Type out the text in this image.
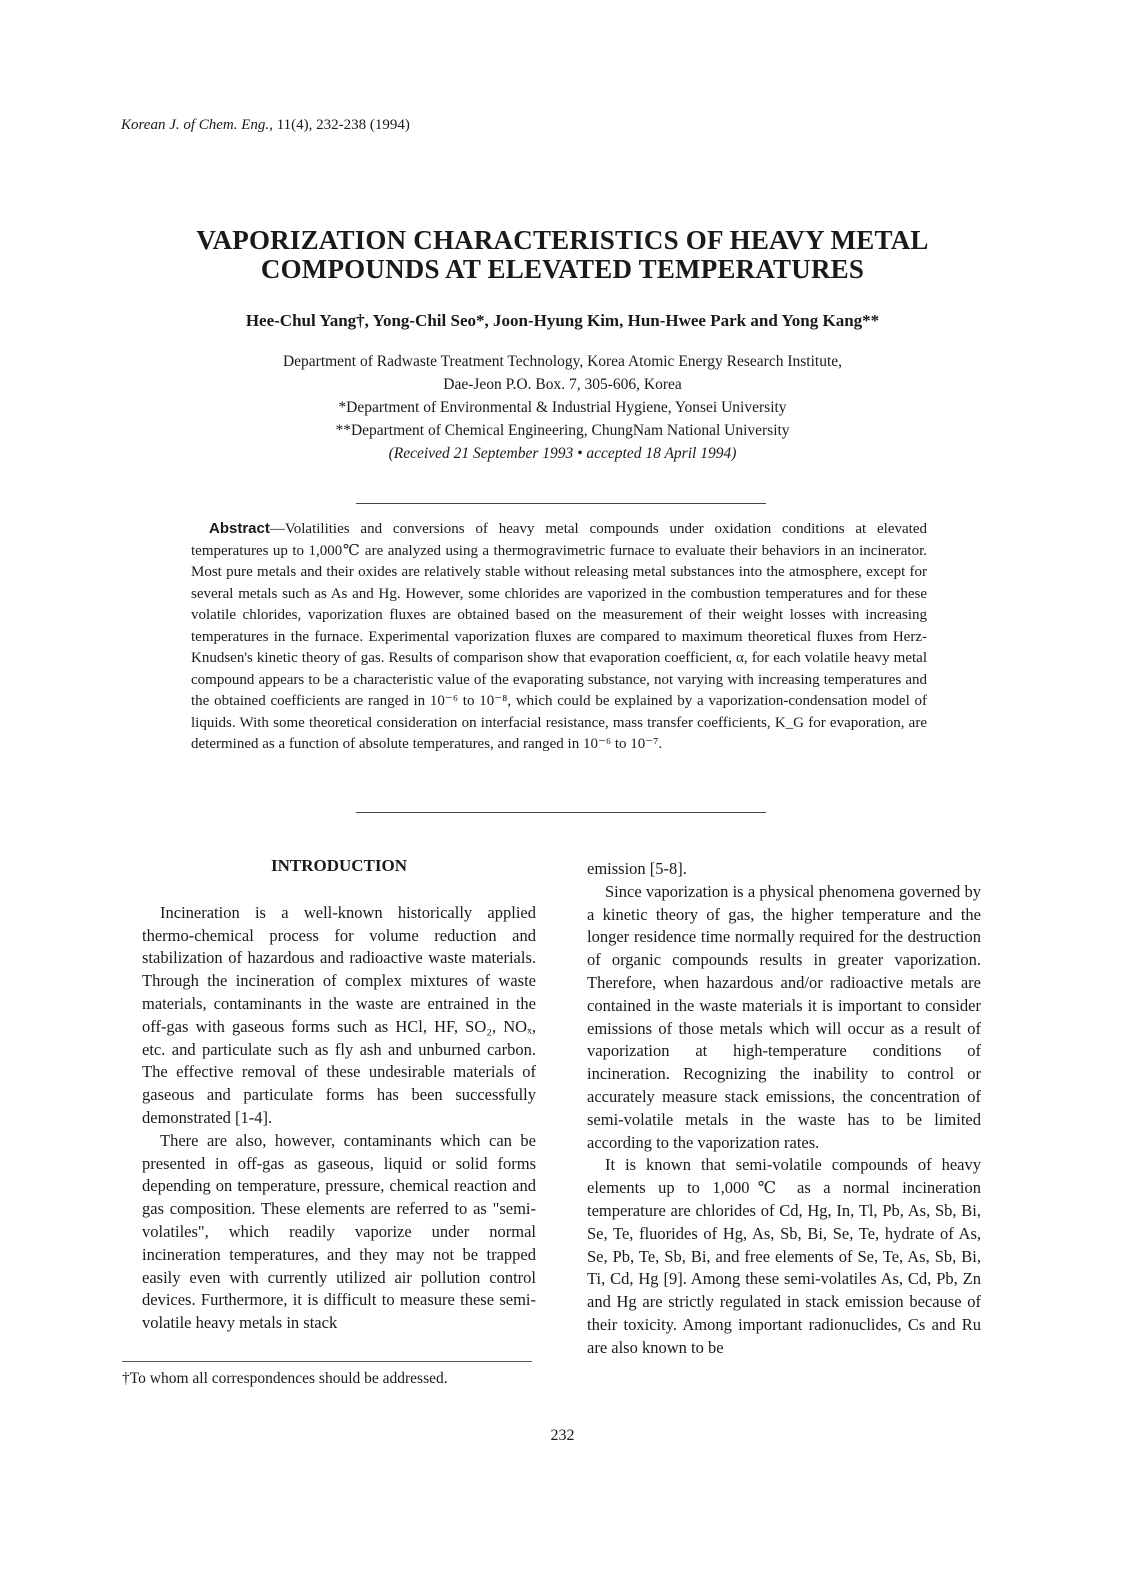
Korean J. of Chem. Eng., 11(4), 232-238 (1994)
VAPORIZATION CHARACTERISTICS OF HEAVY METAL
COMPOUNDS AT ELEVATED TEMPERATURES
Hee-Chul Yang†, Yong-Chil Seo*, Joon-Hyung Kim, Hun-Hwee Park and Yong Kang**
Department of Radwaste Treatment Technology, Korea Atomic Energy Research Institute,
Dae-Jeon P.O. Box. 7, 305-606, Korea
*Department of Environmental & Industrial Hygiene, Yonsei University
**Department of Chemical Engineering, ChungNam National University
(Received 21 September 1993 • accepted 18 April 1994)
Abstract—Volatilities and conversions of heavy metal compounds under oxidation conditions at elevated temperatures up to 1,000℃ are analyzed using a thermogravimetric furnace to evaluate their behaviors in an incinerator. Most pure metals and their oxides are relatively stable without releasing metal substances into the atmosphere, except for several metals such as As and Hg. However, some chlorides are vaporized in the combustion temperatures and for these volatile chlorides, vaporization fluxes are obtained based on the measurement of their weight losses with increasing temperatures in the furnace. Experimental vaporization fluxes are compared to maximum theoretical fluxes from Herz-Knudsen's kinetic theory of gas. Results of comparison show that evaporation coefficient, α, for each volatile heavy metal compound appears to be a characteristic value of the evaporating substance, not varying with increasing temperatures and the obtained coefficients are ranged in 10⁻⁶ to 10⁻⁸, which could be explained by a vaporization-condensation model of liquids. With some theoretical consideration on interfacial resistance, mass transfer coefficients, K_G for evaporation, are determined as a function of absolute temperatures, and ranged in 10⁻⁶ to 10⁻⁷.
INTRODUCTION

Incineration is a well-known historically applied thermo-chemical process for volume reduction and stabilization of hazardous and radioactive waste materials. Through the incineration of complex mixtures of waste materials, contaminants in the waste are entrained in the off-gas with gaseous forms such as HCl, HF, SO₂, NOₓ, etc. and particulate such as fly ash and unburned carbon. The effective removal of these undesirable materials of gaseous and particulate forms has been successfully demonstrated [1-4].

There are also, however, contaminants which can be presented in off-gas as gaseous, liquid or solid forms depending on temperature, pressure, chemical reaction and gas composition. These elements are referred to as "semi-volatiles", which readily vaporize under normal incineration temperatures, and they may not be trapped easily even with currently utilized air pollution control devices. Furthermore, it is difficult to measure these semi-volatile heavy metals in stack

emission [5-8].

Since vaporization is a physical phenomena governed by a kinetic theory of gas, the higher temperature and the longer residence time normally required for the destruction of organic compounds results in greater vaporization. Therefore, when hazardous and/or radioactive metals are contained in the waste materials it is important to consider emissions of those metals which will occur as a result of vaporization at high-temperature conditions of incineration. Recognizing the inability to control or accurately measure stack emissions, the concentration of semi-volatile metals in the waste has to be limited according to the vaporization rates.

It is known that semi-volatile compounds of heavy elements up to 1,000℃ as a normal incineration temperature are chlorides of Cd, Hg, In, Tl, Pb, As, Sb, Bi, Se, Te, fluorides of Hg, As, Sb, Bi, Se, Te, hydrate of As, Se, Pb, Te, Sb, Bi, and free elements of Se, Te, As, Sb, Bi, Ti, Cd, Hg [9]. Among these semi-volatiles As, Cd, Pb, Zn and Hg are strictly regulated in stack emission because of their toxicity. Among important radionuclides, Cs and Ru are also known to be

†To whom all correspondences should be addressed.
232
